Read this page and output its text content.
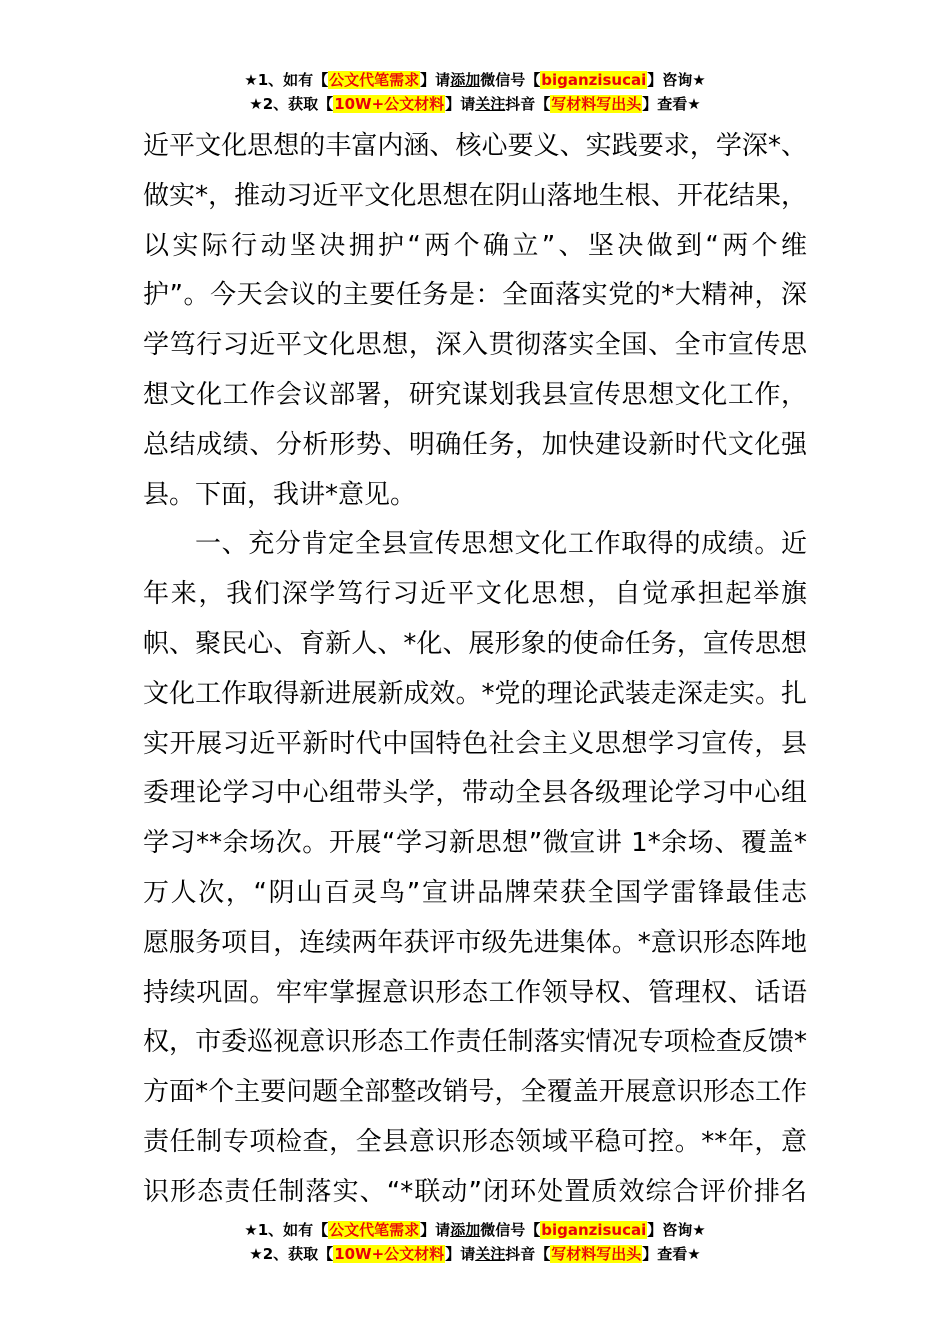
★1、如有【公文代笔需求】请添加微信号【biganzisucai】咨询★
★2、获取【10W+公文材料】请关注抖音【写材料写出头】查看★

近平文化思想的丰富内涵、核心要义、实践要求，学深*、
做实*，推动习近平文化思想在阴山落地生根、开花结果，
以实际行动坚决拥护“两个确立”、坚决做到“两个维
护”。今天会议的主要任务是：全面落实党的*大精神，深
学笃行习近平文化思想，深入贯彻落实全国、全市宣传思
想文化工作会议部署，研究谋划我县宣传思想文化工作，
总结成绩、分析形势、明确任务，加快建设新时代文化强
县。下面，我讲*意见。

一、充分肯定全县宣传思想文化工作取得的成绩。近
年来，我们深学笃行习近平文化思想，自觉承担起举旗
帜、聚民心、育新人、*化、展形象的使命任务，宣传思想
文化工作取得新进展新成效。*党的理论武装走深走实。扎
实开展习近平新时代中国特色社会主义思想学习宣传，县
委理论学习中心组带头学，带动全县各级理论学习中心组
学习**余场次。开展“学习新思想”微宣讲 1*余场、覆盖*
万人次，“阴山百灵鸟”宣讲品牌荣获全国学雷锋最佳志
愿服务项目，连续两年获评市级先进集体。*意识形态阵地
持续巩固。牢牢掌握意识形态工作领导权、管理权、话语
权，市委巡视意识形态工作责任制落实情况专项检查反馈*
方面*个主要问题全部整改销号，全覆盖开展意识形态工作
责任制专项检查，全县意识形态领域平稳可控。**年，意
识形态责任制落实、“*联动”闭环处置质效综合评价排名

★1、如有【公文代笔需求】请添加微信号【biganzisucai】咨询★
★2、获取【10W+公文材料】请关注抖音【写材料写出头】查看★
